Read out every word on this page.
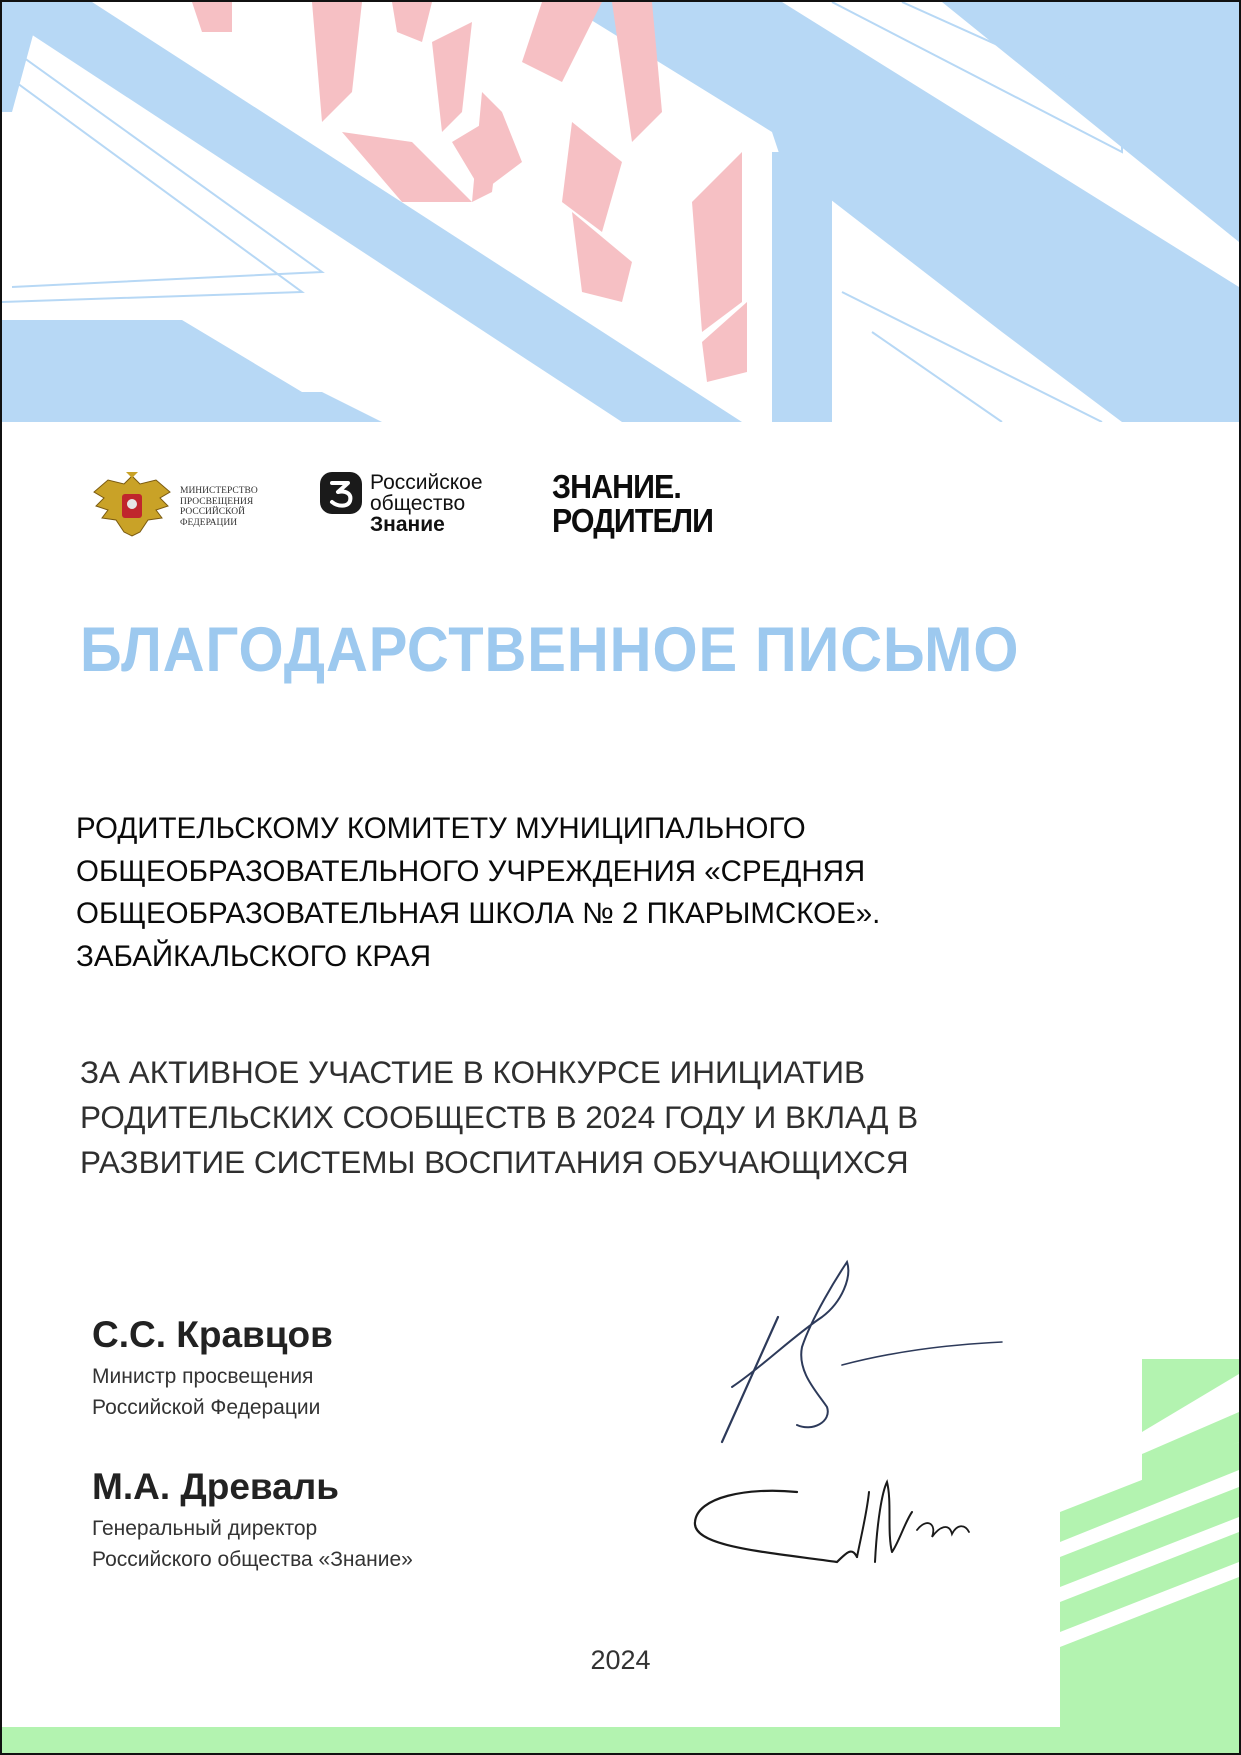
МИНИСТЕРСТВО ПРОСВЕЩЕНИЯ РОССИЙСКОЙ ФЕДЕРАЦИИ
Российское
общество
Знание
ЗНАНИЕ.
РОДИТЕЛИ
БЛАГОДАРСТВЕННОЕ ПИСЬМО
РОДИТЕЛЬСКОМУ КОМИТЕТУ МУНИЦИПАЛЬНОГО
ОБЩЕОБРАЗОВАТЕЛЬНОГО УЧРЕЖДЕНИЯ «СРЕДНЯЯ
ОБЩЕОБРАЗОВАТЕЛЬНАЯ ШКОЛА № 2 ПКАРЫМСКОЕ».
ЗАБАЙКАЛЬСКОГО КРАЯ
ЗА АКТИВНОЕ УЧАСТИЕ В КОНКУРСЕ ИНИЦИАТИВ
РОДИТЕЛЬСКИХ СООБЩЕСТВ В 2024 ГОДУ И ВКЛАД В
РАЗВИТИЕ СИСТЕМЫ ВОСПИТАНИЯ ОБУЧАЮЩИХСЯ
С.С. Кравцов
Министр просвещения
Российской Федерации
М.А. Древаль
Генеральный директор
Российского общества «Знание»
2024
